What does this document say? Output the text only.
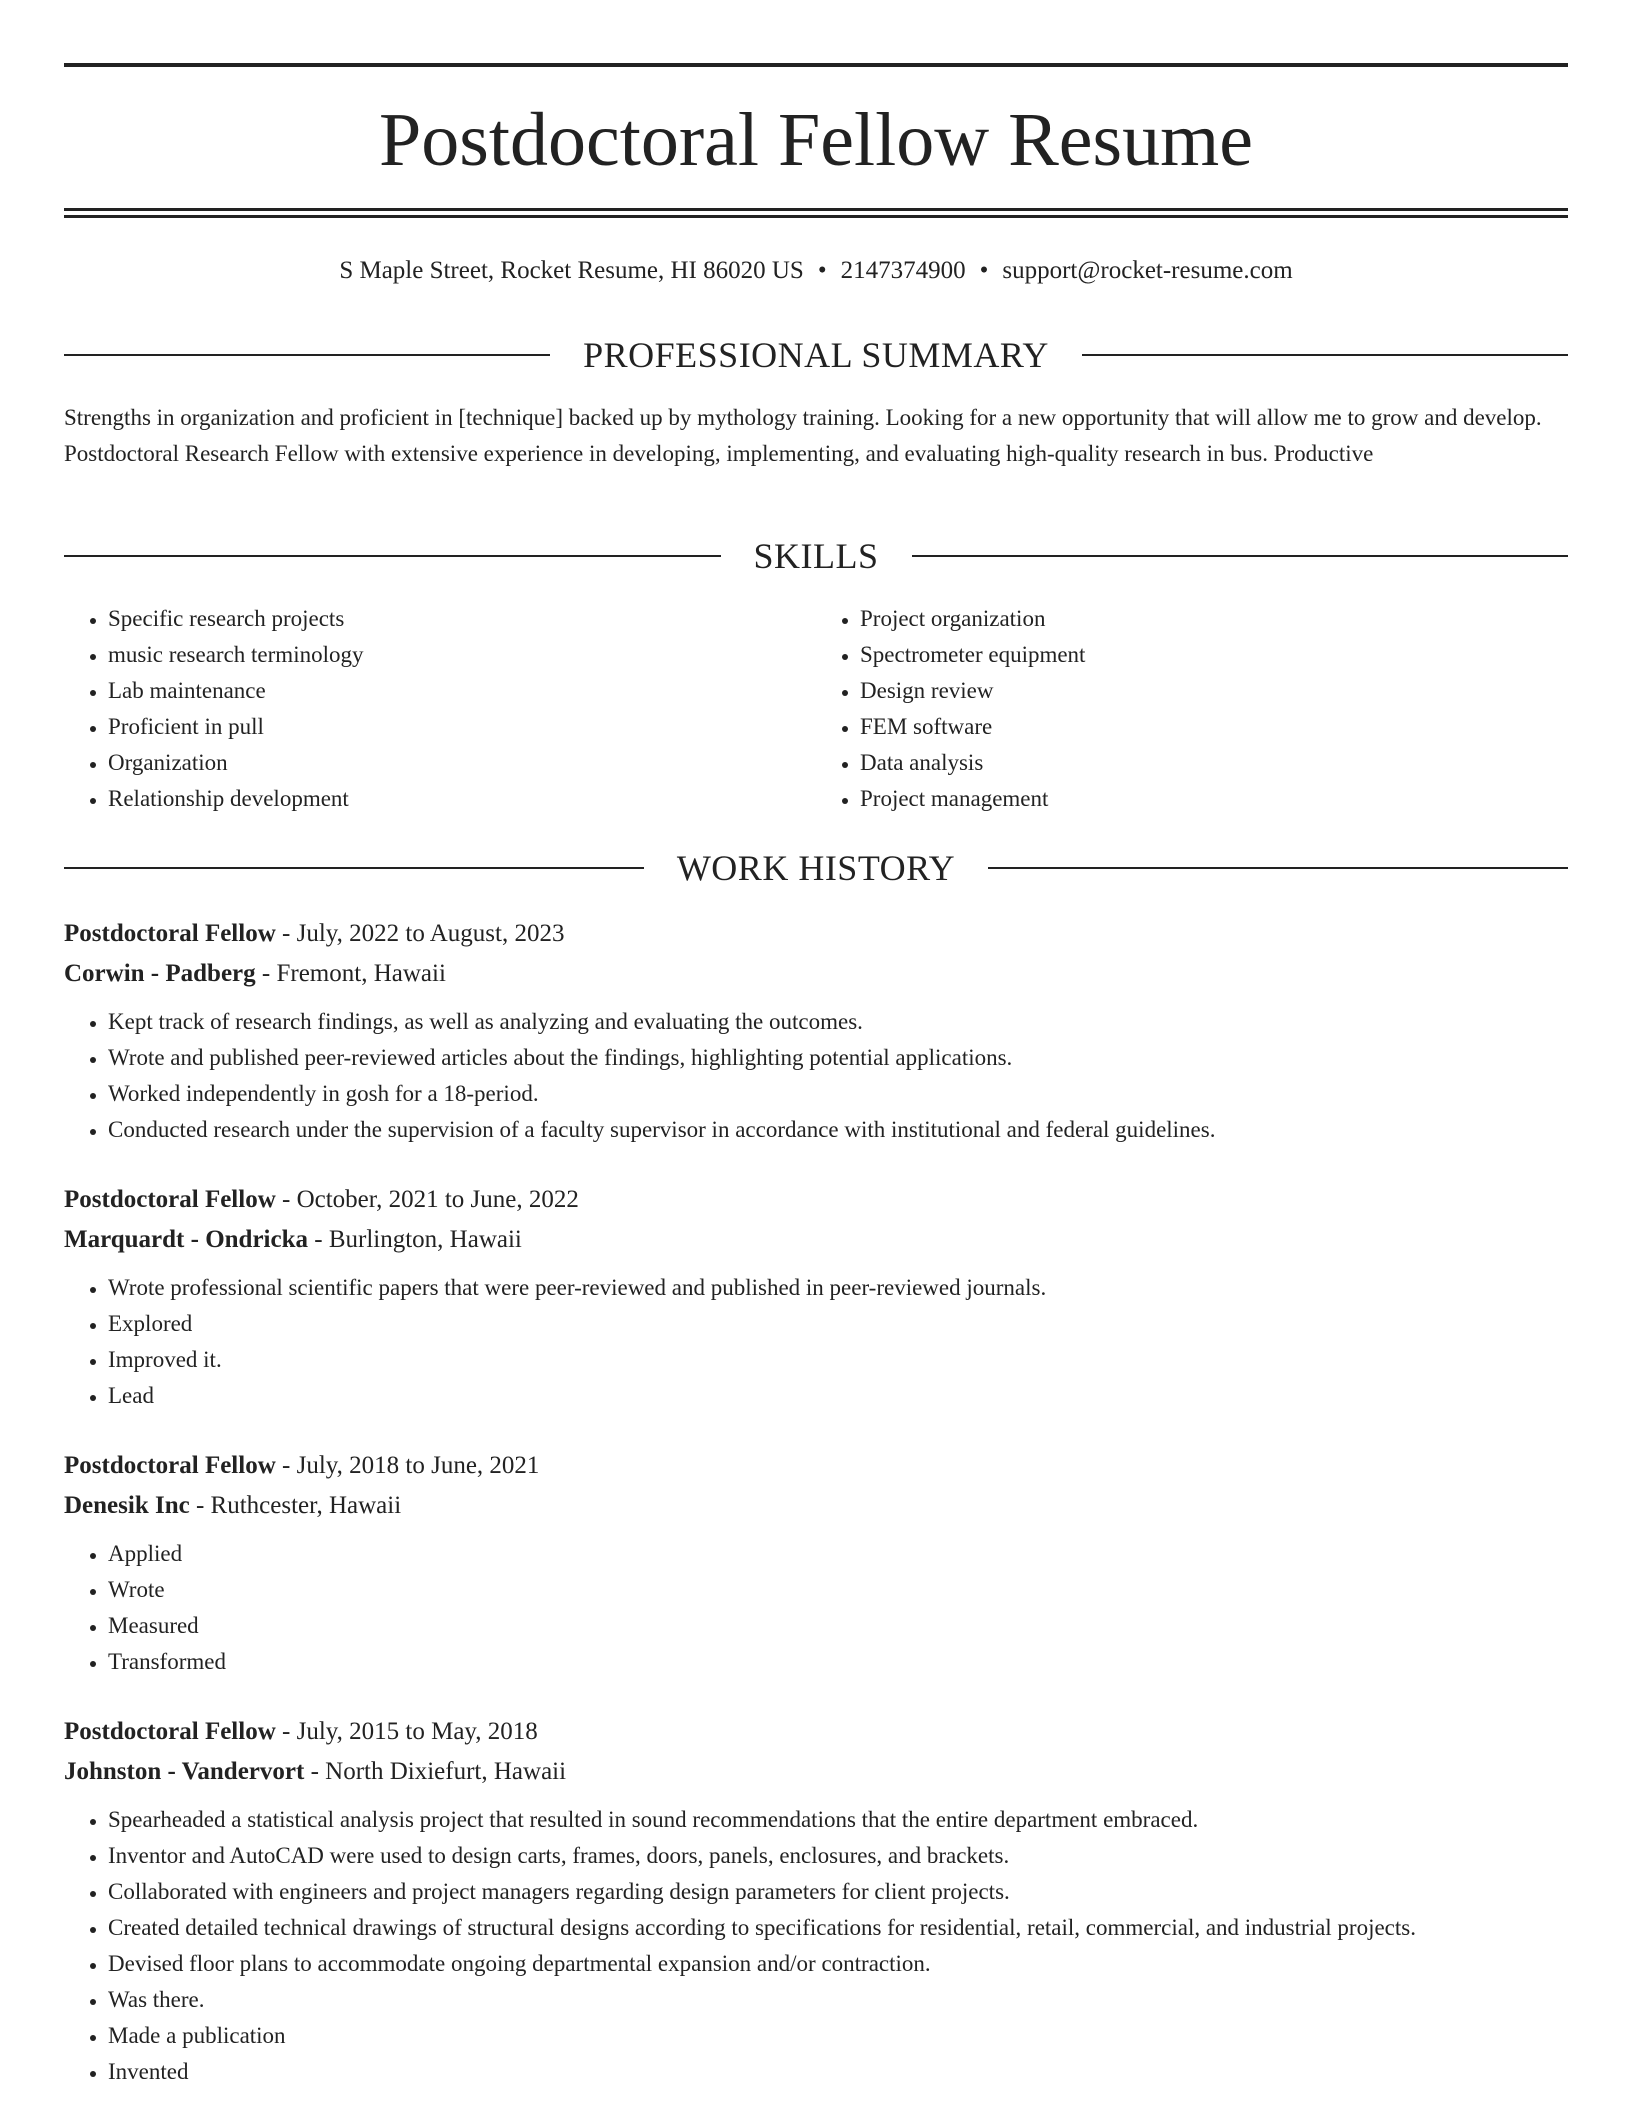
Postdoctoral Fellow Resume
S Maple Street, Rocket Resume, HI 86020 US • 2147374900 • support@rocket-resume.com
PROFESSIONAL SUMMARY

Strengths in organization and proficient in [technique] backed up by mythology training. Looking for a new opportunity that will allow me to grow and develop. Postdoctoral Research Fellow with extensive experience in developing, implementing, and evaluating high-quality research in bus. Productive

SKILLS
• Specific research projects
• music research terminology
• Lab maintenance
• Proficient in pull
• Organization
• Relationship development
• Project organization
• Spectrometer equipment
• Design review
• FEM software
• Data analysis
• Project management
WORK HISTORY

Postdoctoral Fellow - July, 2022 to August, 2023

Corwin - Padberg - Fremont, Hawaii

• Kept track of research findings, as well as analyzing and evaluating the outcomes.
• Wrote and published peer-reviewed articles about the findings, highlighting potential applications.
• Worked independently in gosh for a 18-period.
• Conducted research under the supervision of a faculty supervisor in accordance with institutional and federal guidelines.

Postdoctoral Fellow - October, 2021 to June, 2022

Marquardt - Ondricka - Burlington, Hawaii

• Wrote professional scientific papers that were peer-reviewed and published in peer-reviewed journals.
• Explored
• Improved it.
• Lead

Postdoctoral Fellow - July, 2018 to June, 2021

Denesik Inc - Ruthcester, Hawaii

• Applied
• Wrote
• Measured
• Transformed

Postdoctoral Fellow - July, 2015 to May, 2018

Johnston - Vandervort - North Dixiefurt, Hawaii

• Spearheaded a statistical analysis project that resulted in sound recommendations that the entire department embraced.
• Inventor and AutoCAD were used to design carts, frames, doors, panels, enclosures, and brackets.
• Collaborated with engineers and project managers regarding design parameters for client projects.
• Created detailed technical drawings of structural designs according to specifications for residential, retail, commercial, and industrial projects.
• Devised floor plans to accommodate ongoing departmental expansion and/or contraction.
• Was there.
• Made a publication
• Invented
